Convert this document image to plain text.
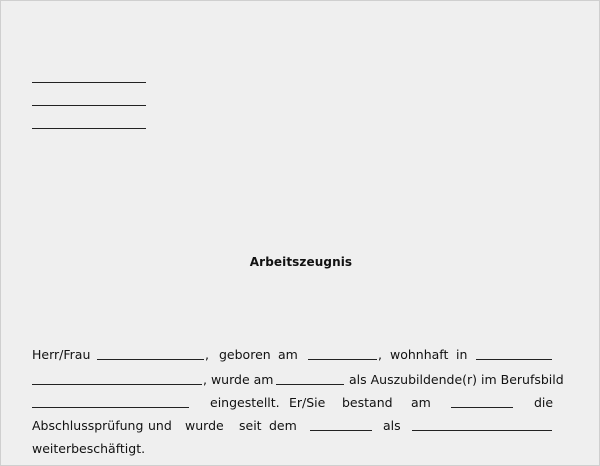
Arbeitszeugnis
Herr/Frau	, geboren am	, wohnhaft in
, wurde am	als Auszubildende(r) im Berufsbild
eingestellt. Er/Sie bestand am	die
Abschlussprüfung und wurde seit dem	als
weiterbeschäftigt.
